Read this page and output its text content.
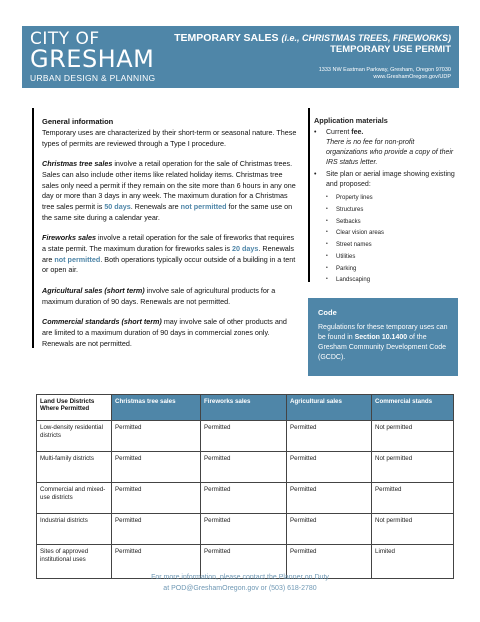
CITY OF
GRESHAM
URBAN DESIGN & PLANNING
TEMPORARY SALES (i.e., CHRISTMAS TREES, FIREWORKS)
TEMPORARY USE PERMIT
1333 NW Eastman Parkway, Gresham, Oregon 97030
www.GreshamOregon.gov/UDP
General information

Temporary uses are characterized by their short-term or seasonal nature. These types of permits are reviewed through a Type I procedure.

Christmas tree sales involve a retail operation for the sale of Christmas trees. Sales can also include other items like related holiday items. Christmas tree sales only need a permit if they remain on the site more than 6 hours in any one day or more than 3 days in any week. The maximum duration for a Christmas tree sales permit is 50 days. Renewals are not permitted for the same use on the same site during a calendar year.

Fireworks sales involve a retail operation for the sale of fireworks that requires a state permit. The maximum duration for fireworks sales is 20 days. Renewals are not permitted. Both operations typically occur outside of a building in a tent or open air.

Agricultural sales (short term) involve sale of agricultural products for a maximum duration of 90 days. Renewals are not permitted.

Commercial standards (short term) may involve sale of other products and are limited to a maximum duration of 90 days in commercial zones only. Renewals are not permitted.

Application materials
• Current fee.
There is no fee for non-profit organizations who provide a copy of their IRS status letter.
• Site plan or aerial image showing existing and proposed:
• Property lines
• Structures
• Setbacks
• Clear vision areas
• Street names
• Utilities
• Parking
• Landscaping
Code
Regulations for these temporary uses can be found in Section 10.1400 of the Gresham Community Development Code (GCDC).
Land Use Districts Where Permitted	Christmas tree sales	Fireworks sales	Agricultural sales	Commercial stands
Low-density residential districts	Permitted	Permitted	Permitted	Not permitted
Multi-family districts	Permitted	Permitted	Permitted	Not permitted
Commercial and mixed-use districts	Permitted	Permitted	Permitted	Permitted
Industrial districts	Permitted	Permitted	Permitted	Not permitted
Sites of approved institutional uses	Permitted	Permitted	Permitted	Limited
For more information, please contact the Planner on Duty
at POD@GreshamOregon.gov or (503) 618-2780
